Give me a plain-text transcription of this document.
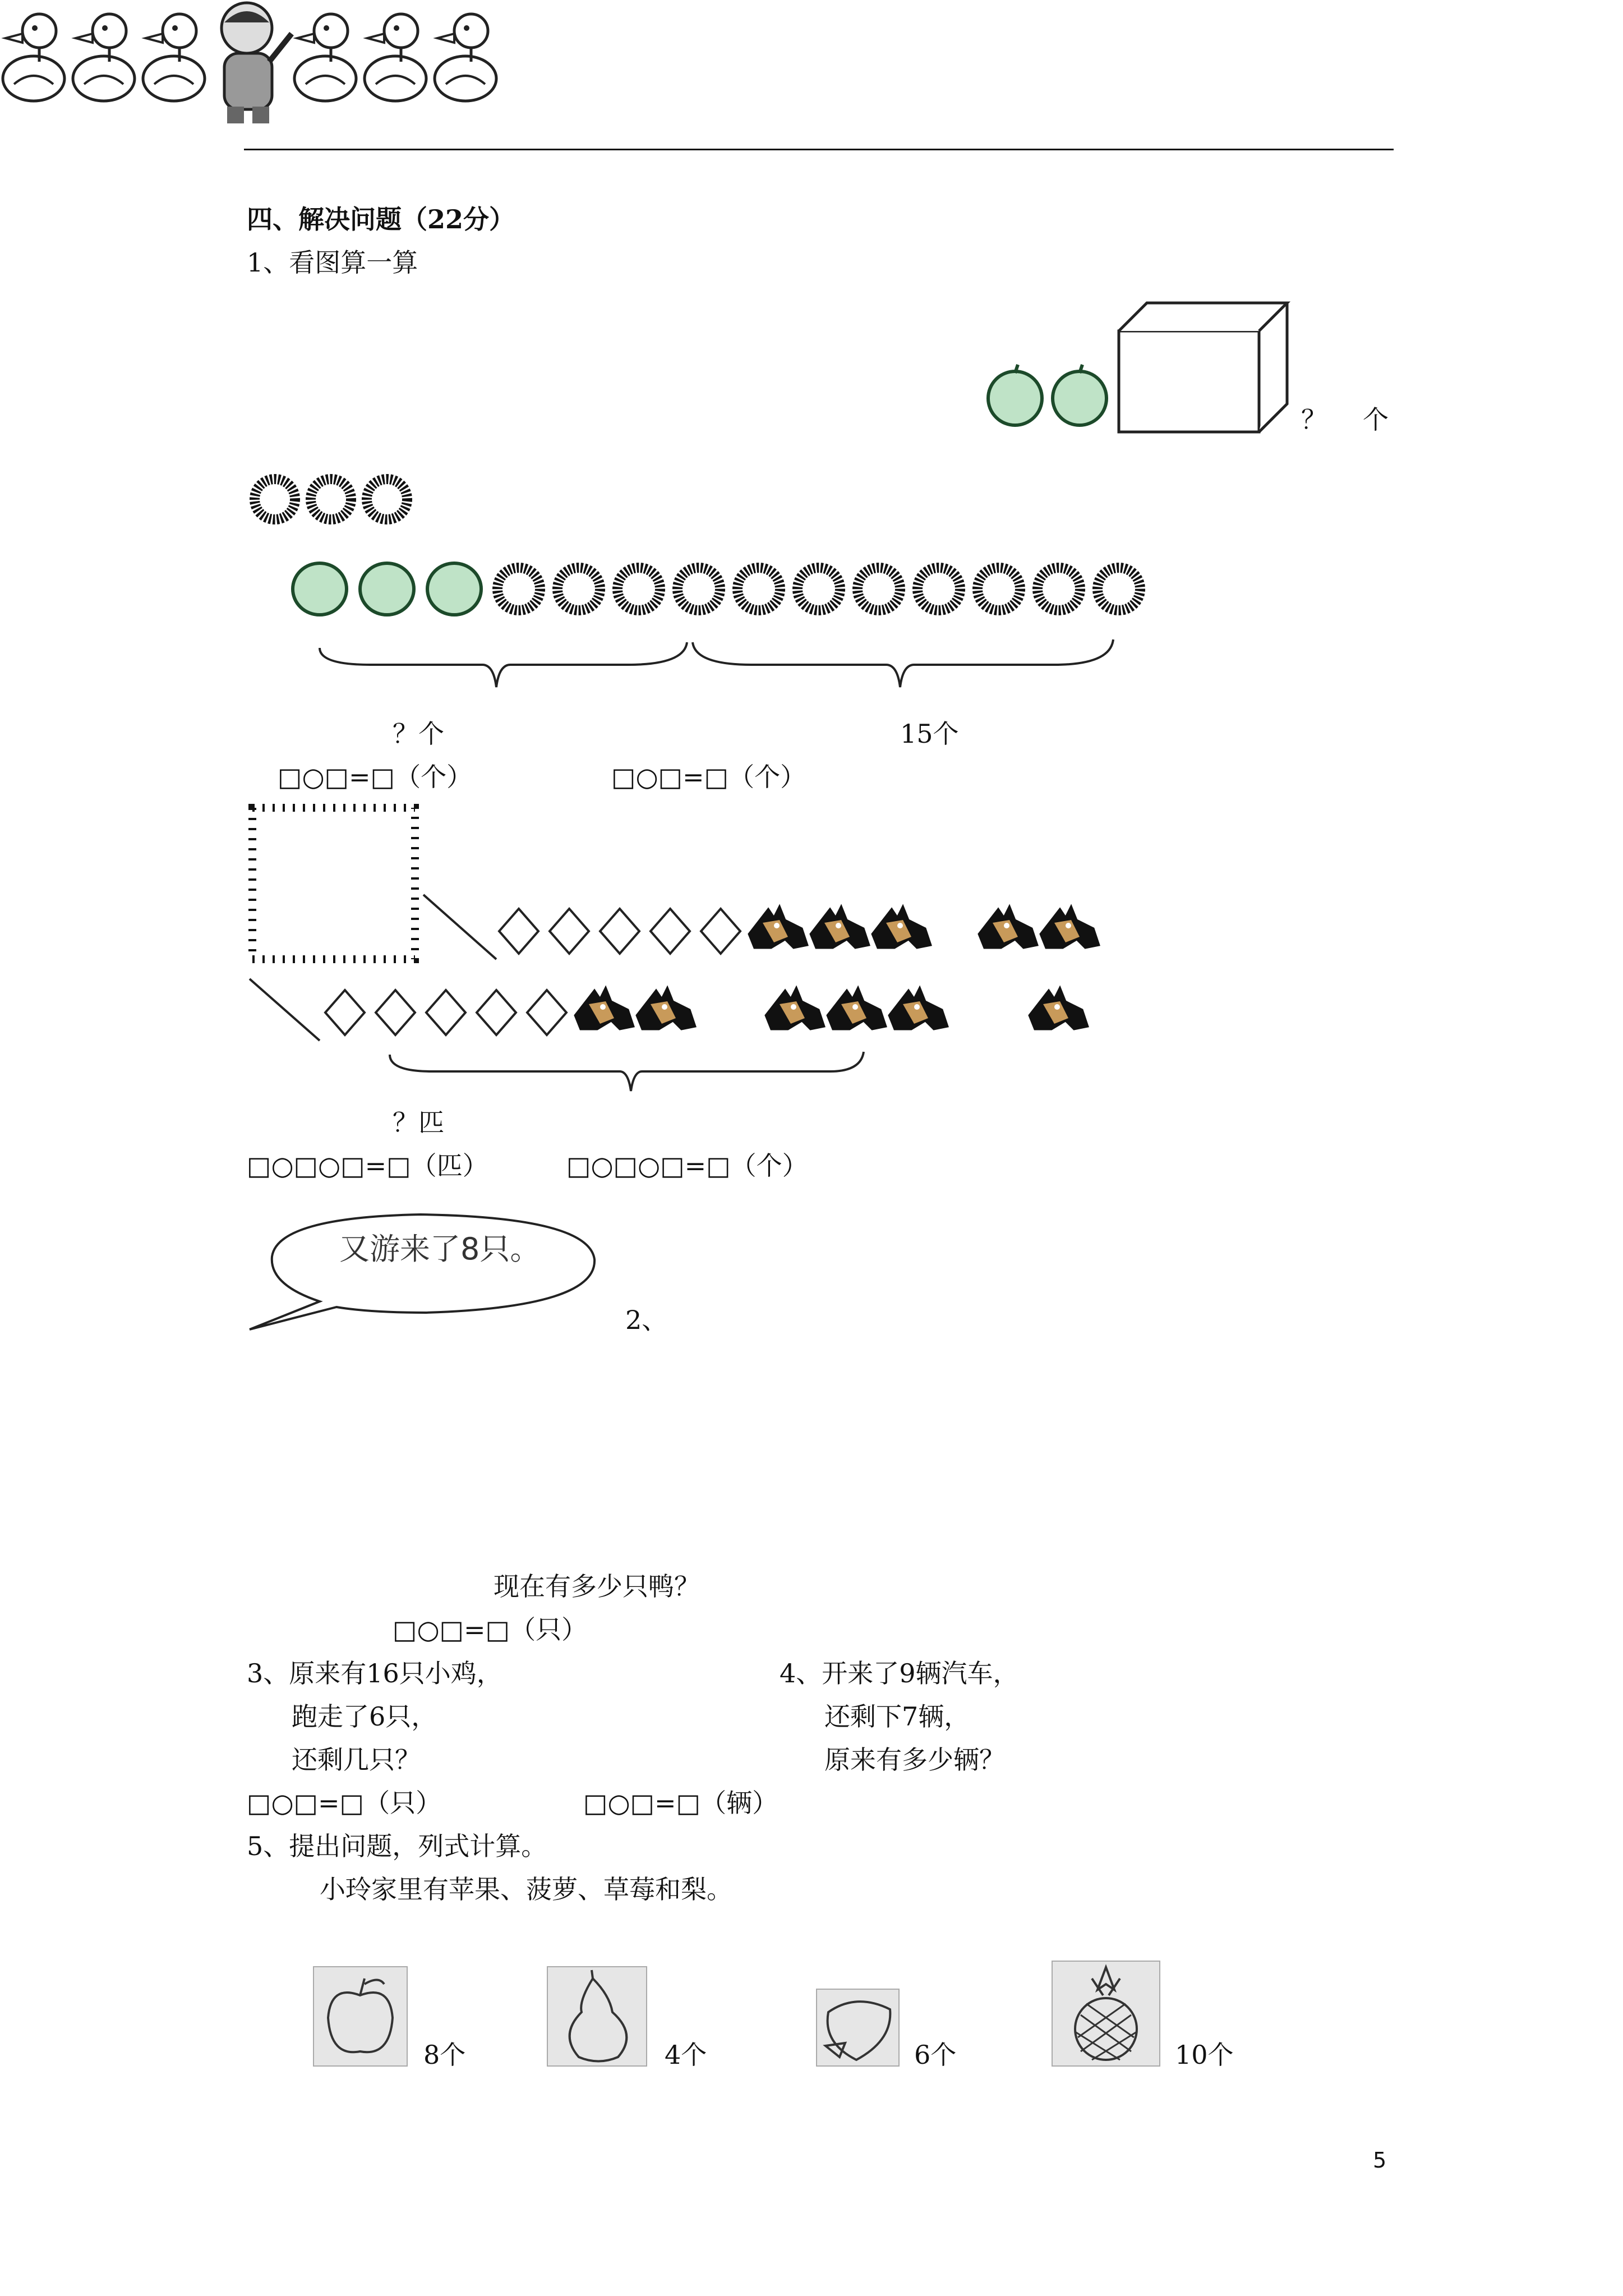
四、解决问题（22分）
1、看图算一算
？ 个
？个	15个
□○□=□（个）	□○□=□（个）
？匹
□○□○□=□（匹）	□○□○□=□（个）
又游来了8只。
2、
现在有多少只鸭？
□○□=□（只）
3、原来有16只小鸡，
跑走了6只，
还剩几只？
□○□=□（只）
4、开来了9辆汽车，
还剩下7辆，
原来有多少辆？
□○□=□（辆）
5、提出问题，列式计算。
小玲家里有苹果、菠萝、草莓和梨。
8个	4个	6个	10个
5
